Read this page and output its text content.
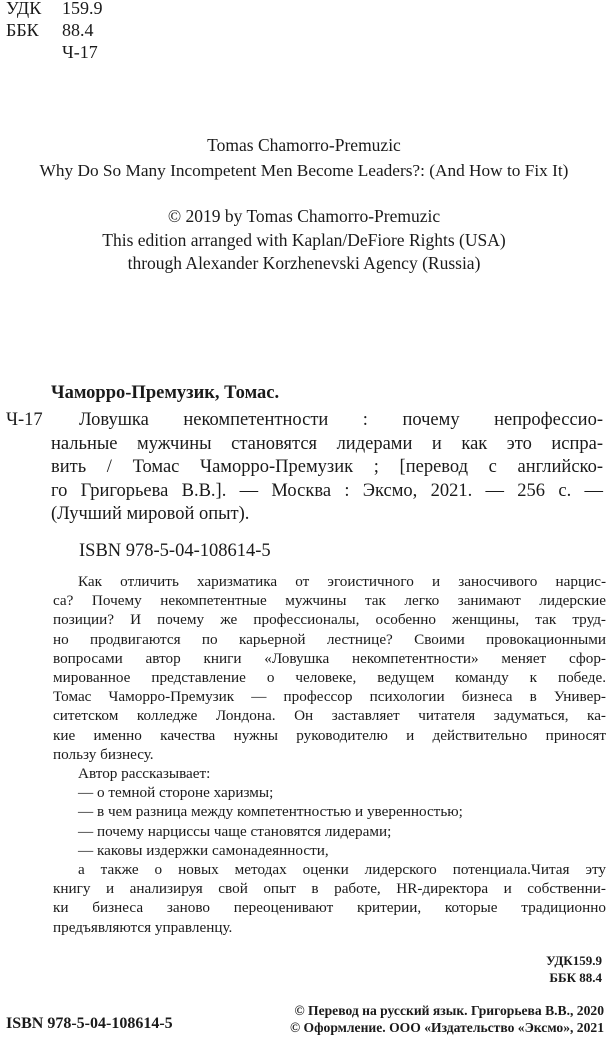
УДК 159.9
ББК 88.4
Ч-17
Tomas Chamorro-Premuzic
Why Do So Many Incompetent Men Become Leaders?: (And How to Fix It)
© 2019 by Tomas Chamorro-Premuzic
This edition arranged with Kaplan/DeFiore Rights (USA)
through Alexander Korzhenevski Agency (Russia)
Чаморро-Премузик, Томас.
Ч-17 Ловушка некомпетентности : почему непрофессио-
нальные мужчины становятся лидерами и как это испра-
вить / Томас Чаморро-Премузик ; [перевод с английско-
го Григорьева В.В.]. — Москва : Эксмо, 2021. — 256 с. —
(Лучший мировой опыт).
ISBN 978-5-04-108614-5
Как отличить харизматика от эгоистичного и заносчивого нарцис-
са? Почему некомпетентные мужчины так легко занимают лидерские
позиции? И почему же профессионалы, особенно женщины, так труд-
но продвигаются по карьерной лестнице? Своими провокационными
вопросами автор книги «Ловушка некомпетентности» меняет сфор-
мированное представление о человеке, ведущем команду к победе.
Томас Чаморро-Премузик — профессор психологии бизнеса в Универ-
ситетском колледже Лондона. Он заставляет читателя задуматься, ка-
кие именно качества нужны руководителю и действительно приносят
пользу бизнесу.
Автор рассказывает:
— о темной стороне харизмы;
— в чем разница между компетентностью и уверенностью;
— почему нарциссы чаще становятся лидерами;
— каковы издержки самонадеянности,
а также о новых методах оценки лидерского потенциала.Читая эту
книгу и анализируя свой опыт в работе, HR-директора и собственни-
ки бизнеса заново переоценивают критерии, которые традиционно
предъявляются управленцу.
УДК159.9
ББК 88.4
ISBN 978-5-04-108614-5
© Перевод на русский язык. Григорьева В.В., 2020
© Оформление. ООО «Издательство «Эксмо», 2021
